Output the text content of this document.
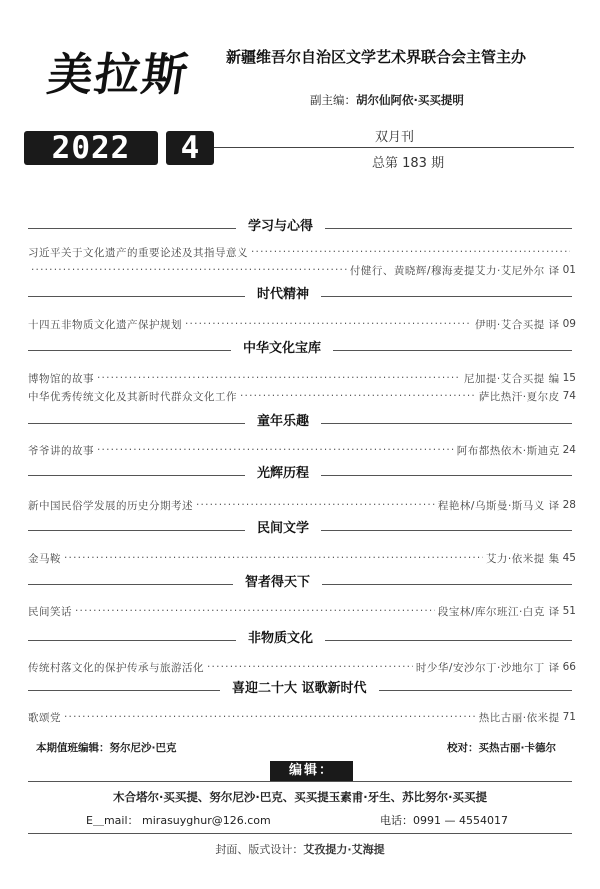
美拉斯	新疆维吾尔自治区文学艺术界联合会主管主办
副主编：胡尔仙阿依·买买提明
2022	4	双月刊
总第 183 期
学习与心得
习近平关于文化遗产的重要论述及其指导意义
·····
·····
付健行、黄晓辉/穆海麦提艾力·艾尼外尔 译 01
时代精神
十四五非物质文化遗产保护规划 ·····	伊明·艾合买提 译 09
中华文化宝库
博物馆的故事 ·····	尼加提·艾合买提 编 15
中华优秀传统文化及其新时代群众文化工作 ·····	萨比热汗·夏尔皮 74
童年乐趣
爷爷讲的故事 ·····	阿布都热依木·斯迪克 24
光辉历程
新中国民俗学发展的历史分期考述 ·····	程艳林/乌斯曼·斯马义 译 28
民间文学
金马鞍 ·····	艾力·依米提 集 45
智者得天下
民间笑话 ·····	段宝林/库尔班江·白克 译 51
非物质文化
传统村落文化的保护传承与旅游活化 ·····	时少华/安沙尔丁·沙地尔丁 译 66
喜迎二十大 讴歌新时代
歌颂党 ·····	热比古丽·依米提 71
本期值班编辑：努尔尼沙·巴克	校对：买热古丽·卡德尔
编辑：
木合塔尔·买买提、努尔尼沙·巴克、买买提玉素甫·牙生、苏比努尔·买买提
E＿mail： mirasuyghur@126.com	电话：0991 — 4554017
封面、版式设计：艾孜提力·艾海提
